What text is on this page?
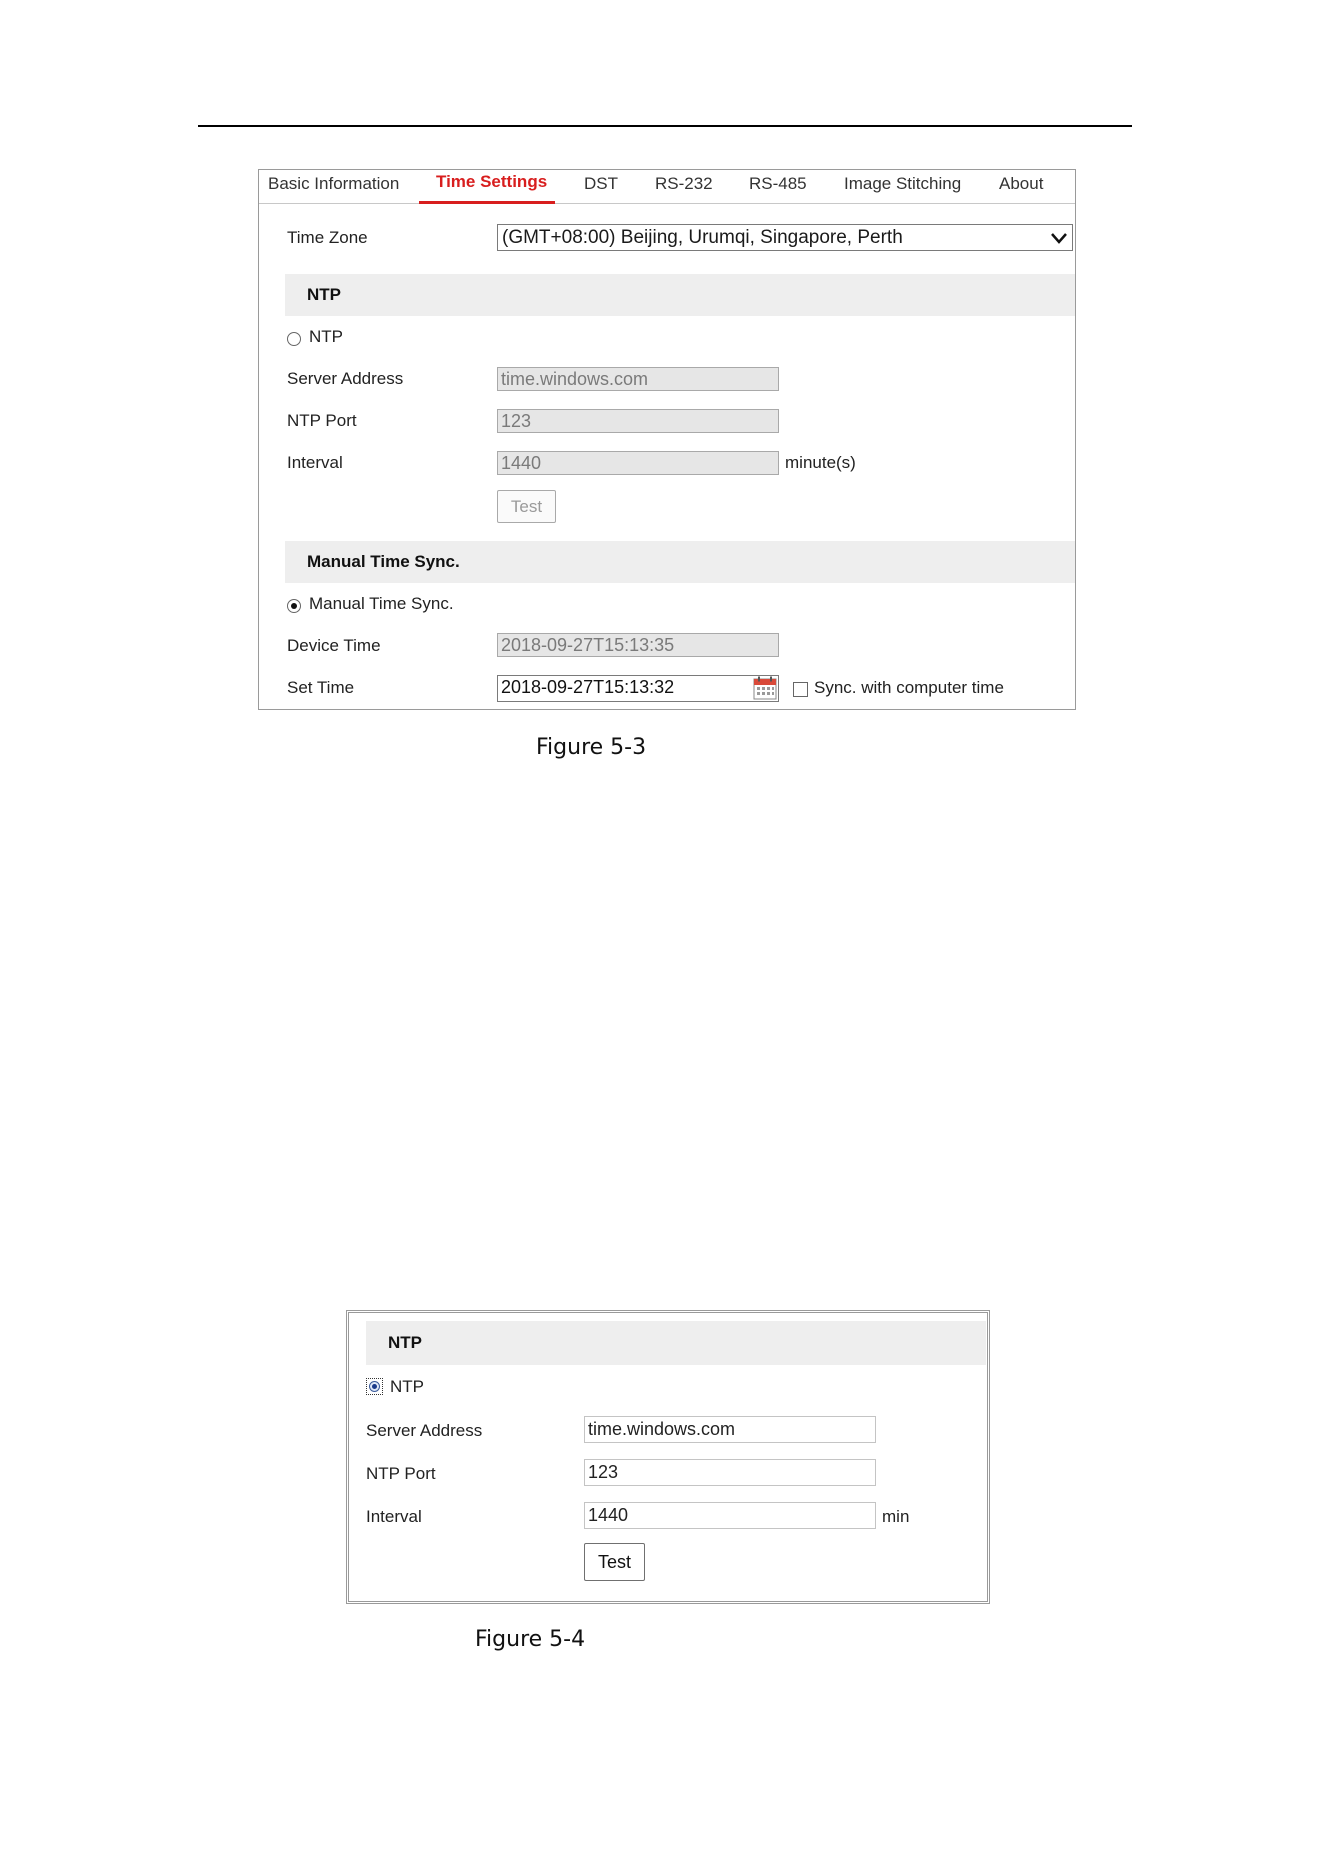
Basic Information Time Settings DST RS-232 RS-485 Image Stitching About
Time Zone	(GMT+08:00) Beijing, Urumqi, Singapore, Perth
NTP
NTP
Server Address	time.windows.com
NTP Port	123
Interval	1440	minute(s)
Test
Manual Time Sync.
Manual Time Sync.
Device Time	2018-09-27T15:13:35
Set Time	2018-09-27T15:13:32	Sync. with computer time
Figure 5-3
NTP
NTP
Server Address	time.windows.com
NTP Port	123
Interval	1440	min
Test
Figure 5-4
